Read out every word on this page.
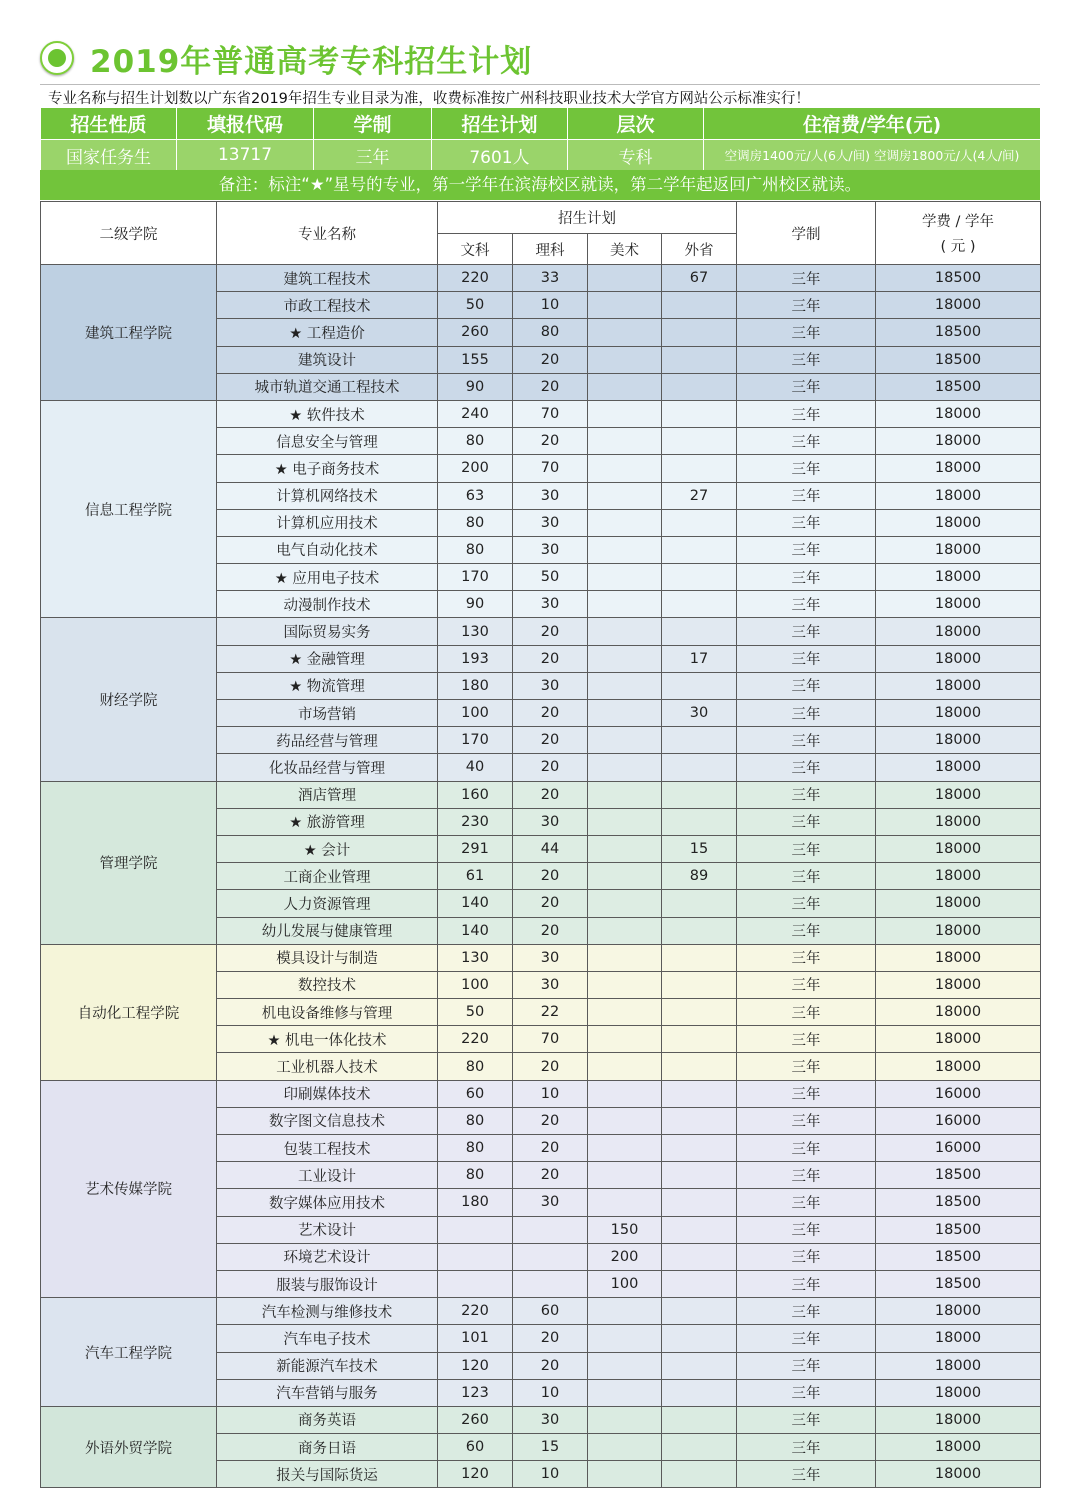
2019年普通高考专科招生计划
专业名称与招生计划数以广东省2019年招生专业目录为准，收费标准按广州科技职业技术大学官方网站公示标准实行！
招生性质	填报代码	学制	招生计划	层次	住宿费/学年(元)
国家任务生	13717	三年	7601人	专科	空调房1400元/人(6人/间) 空调房1800元/人(4人/间)
备注：标注“★”星号的专业，第一学年在滨海校区就读，第二学年起返回广州校区就读。
二级学院	专业名称	招生计划				学制	学费 / 学年
( 元 )

		文科	理科	美术	外省		
建筑工程学院	建筑工程技术	220	33		67	三年	18500
	市政工程技术	50	10			三年	18000
	★ 工程造价	260	80			三年	18500
	建筑设计	155	20			三年	18500
	城市轨道交通工程技术	90	20			三年	18500
信息工程学院	★ 软件技术	240	70			三年	18000
	信息安全与管理	80	20			三年	18000
	★ 电子商务技术	200	70			三年	18000
	计算机网络技术	63	30		27	三年	18000
	计算机应用技术	80	30			三年	18000
	电气自动化技术	80	30			三年	18000
	★ 应用电子技术	170	50			三年	18000
	动漫制作技术	90	30			三年	18000
财经学院	国际贸易实务	130	20			三年	18000
	★ 金融管理	193	20		17	三年	18000
	★ 物流管理	180	30			三年	18000
	市场营销	100	20		30	三年	18000
	药品经营与管理	170	20			三年	18000
	化妆品经营与管理	40	20			三年	18000
管理学院	酒店管理	160	20			三年	18000
	★ 旅游管理	230	30			三年	18000
	★ 会计	291	44		15	三年	18000
	工商企业管理	61	20		89	三年	18000
	人力资源管理	140	20			三年	18000
	幼儿发展与健康管理	140	20			三年	18000
自动化工程学院	模具设计与制造	130	30			三年	18000
	数控技术	100	30			三年	18000
	机电设备维修与管理	50	22			三年	18000
	★ 机电一体化技术	220	70			三年	18000
	工业机器人技术	80	20			三年	18000
艺术传媒学院	印刷媒体技术	60	10			三年	16000
	数字图文信息技术	80	20			三年	16000
	包装工程技术	80	20			三年	16000
	工业设计	80	20			三年	18500
	数字媒体应用技术	180	30			三年	18500
	艺术设计			150		三年	18500
	环境艺术设计			200		三年	18500
	服装与服饰设计			100		三年	18500
汽车工程学院	汽车检测与维修技术	220	60			三年	18000
	汽车电子技术	101	20			三年	18000
	新能源汽车技术	120	20			三年	18000
	汽车营销与服务	123	10			三年	18000
外语外贸学院	商务英语	260	30			三年	18000
	商务日语	60	15			三年	18000
	报关与国际货运	120	10			三年	18000
